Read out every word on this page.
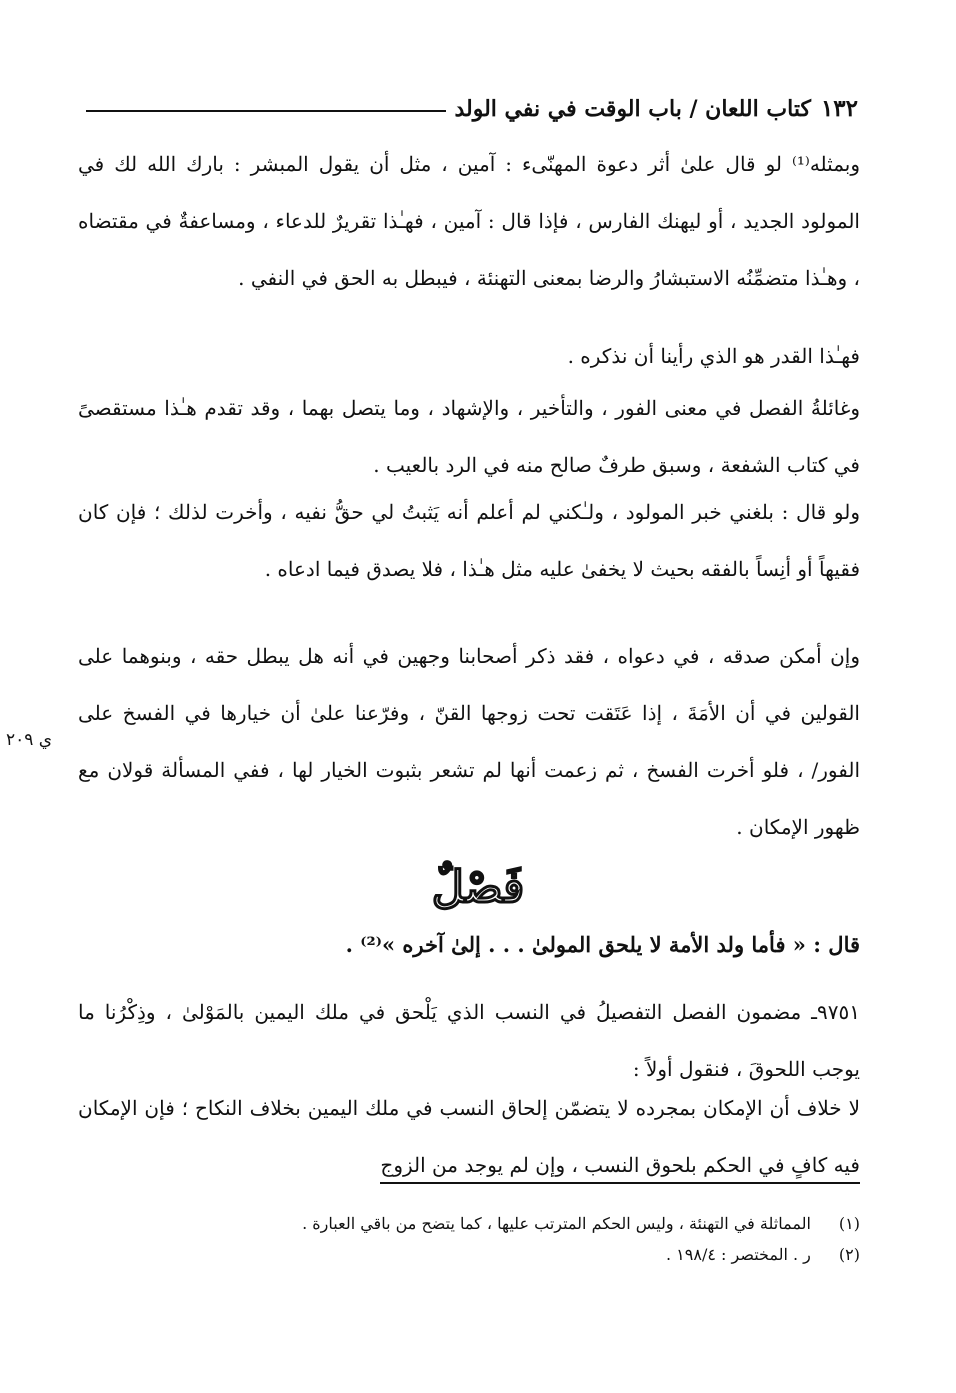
١٣٢
كتاب اللعان / باب الوقت في نفي الولد
وبمثله⁽¹⁾ لو قال علىٰ أثر دعوة المهنّىء : آمين ، مثل أن يقول المبشر : بارك الله لك في المولود الجديد ، أو ليهنك الفارس ، فإذا قال : آمين ، فهـٰذا تقريرٌ للدعاء ، ومساعفةٌ في مقتضاه ، وهـٰذا متضمِّنُه الاستبشارُ والرضا بمعنى التهنئة ، فيبطل به الحق في النفي .
فهـٰذا القدر هو الذي رأينا أن نذكره .
وغائلةُ الفصل في معنى الفور ، والتأخير ، والإشهاد ، وما يتصل بهما ، وقد تقدم هـٰذا مستقصىً في كتاب الشفعة ، وسبق طرفٌ صالح منه في الرد بالعيب .
ولو قال : بلغني خبر المولود ، ولـٰكني لم أعلم أنه يَثبتُ لي حقُّ نفيه ، وأخرت لذلك ؛ فإن كان فقيهاً أو أنِساً بالفقه بحيث لا يخفىٰ عليه مثل هـٰذا ، فلا يصدق فيما ادعاه .
وإن أمكن صدقه ، في دعواه ، فقد ذكر أصحابنا وجهين في أنه هل يبطل حقه ، وبنوهما على القولين في أن الأمَةَ ، إذا عَتَقت تحت زوجها القنّ ، وفرّعنا علىٰ أن خيارها في الفسخ على الفور/ ، فلو أخرت الفسخ ، ثم زعمت أنها لم تشعر بثبوت الخيار لها ، ففي المسألة قولان مع ظهور الإمكان .
ي ٢٠٩
فَصْلٌ
قال : « فأما ولد الأمة لا يلحق المولىٰ . . . إلىٰ آخره »⁽²⁾ .
٩٧٥١ـ مضمون الفصل التفصيلُ في النسب الذي يَلْحق في ملك اليمين بالمَوْلىٰ ، وذِكْرُنا ما يوجب اللحوقَ ، فنقول أولاً :
لا خلاف أن الإمكان بمجرده لا يتضمّن إلحاق النسب في ملك اليمين بخلاف النكاح ؛ فإن الإمكان فيه كافٍ في الحكم بلحوق النسب ، وإن لم يوجد من الزوج
(١) المماثلة في التهنئة ، وليس الحكم المترتب عليها ، كما يتضح من باقي العبارة .
(٢) ر . المختصر : ١٩٨/٤ .
